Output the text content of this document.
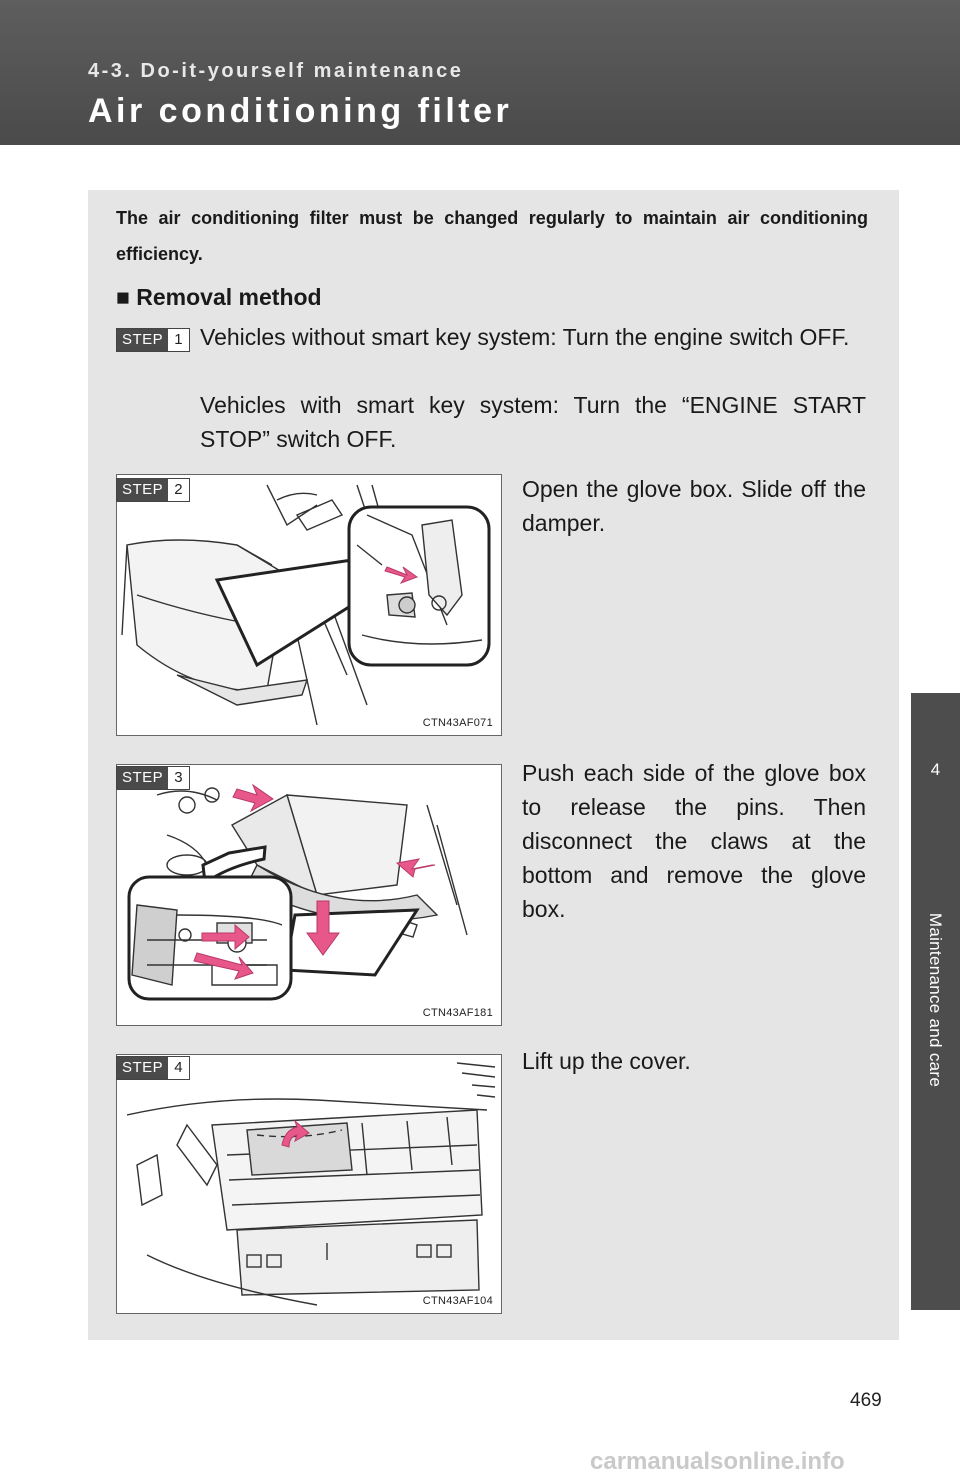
4-3. Do-it-yourself maintenance
Air conditioning filter
4
Maintenance and care
The air conditioning filter must be changed regularly to maintain air conditioning efficiency.
■ Removal method
STEP 1 Vehicles without smart key system: Turn the engine switch OFF.
Vehicles with smart key system: Turn the “ENGINE START STOP” switch OFF.
CTN43AF071
STEP 2	Open the glove box. Slide off the damper.
CTN43AF181
STEP 3	Push each side of the glove box to release the pins. Then disconnect the claws at the bottom and remove the glove box.
CTN43AF104
STEP 4	Lift up the cover.
469
carmanualsonline.info
